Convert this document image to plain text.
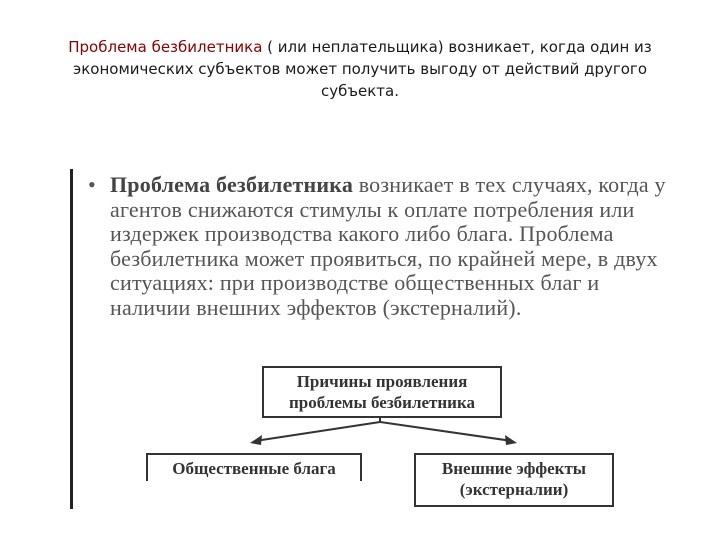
Проблема безбилетника ( или неплательщика) возникает, когда один из экономических субъектов может получить выгоду от действий другого субъекта.
• Проблема безбилетника возникает в тех случаях, когда у агентов снижаются стимулы к оплате потребления или издержек производства какого либо блага. Проблема безбилетника может проявиться, по крайней мере, в двух ситуациях: при производстве общественных благ и наличии внешних эффектов (экстерналий).
Причины проявления
проблемы безбилетника
Общественные блага	Внешние эффекты
(экстерналии)
